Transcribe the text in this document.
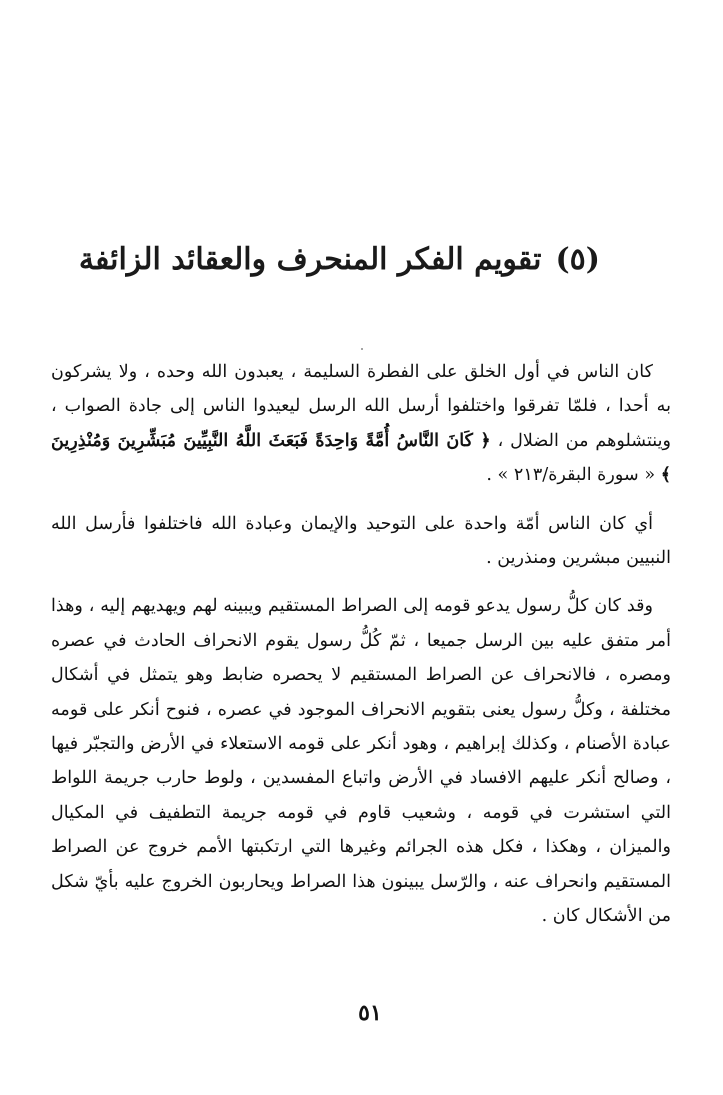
(٥)تقويم الفكر المنحرف والعقائد الزائفة

كان الناس في أول الخلق على الفطرة السليمة ، يعبدون الله وحده ، ولا يشركون به أحدا ، فلمّا تفرقوا واختلفوا أرسل الله الرسل ليعيدوا الناس إلى جادة الصواب ، وينتشلوهم من الضلال ، ﴿ كَانَ النَّاسُ أُمَّةً وَاحِدَةً فَبَعَثَ اللَّهُ النَّبِيِّينَ مُبَشِّرِينَ وَمُنْذِرِينَ ﴾ « سورة البقرة/٢١٣ » .

أي كان الناس أمّة واحدة على التوحيد والإيمان وعبادة الله فاختلفوا فأرسل الله النبيين مبشرين ومنذرين .

وقد كان كلُّ رسول يدعو قومه إلى الصراط المستقيم ويبينه لهم ويهديهم إليه ، وهذا أمر متفق عليه بين الرسل جميعا ، ثمّ كُلُّ رسول يقوم الانحراف الحادث في عصره ومصره ، فالانحراف عن الصراط المستقيم لا يحصره ضابط وهو يتمثل في أشكال مختلفة ، وكلُّ رسول يعنى بتقويم الانحراف الموجود في عصره ، فنوح أنكر على قومه عبادة الأصنام ، وكذلك إبراهيم ، وهود أنكر على قومه الاستعلاء في الأرض والتجبّر فيها ، وصالح أنكر عليهم الافساد في الأرض واتباع المفسدين ، ولوط حارب جريمة اللواط التي استشرت في قومه ، وشعيب قاوم في قومه جريمة التطفيف في المكيال والميزان ، وهكذا ، فكل هذه الجرائم وغيرها التي ارتكبتها الأمم خروج عن الصراط المستقيم وانحراف عنه ، والرّسل يبينون هذا الصراط ويحاربون الخروج عليه بأيّ شكل من الأشكال كان .

٥١
